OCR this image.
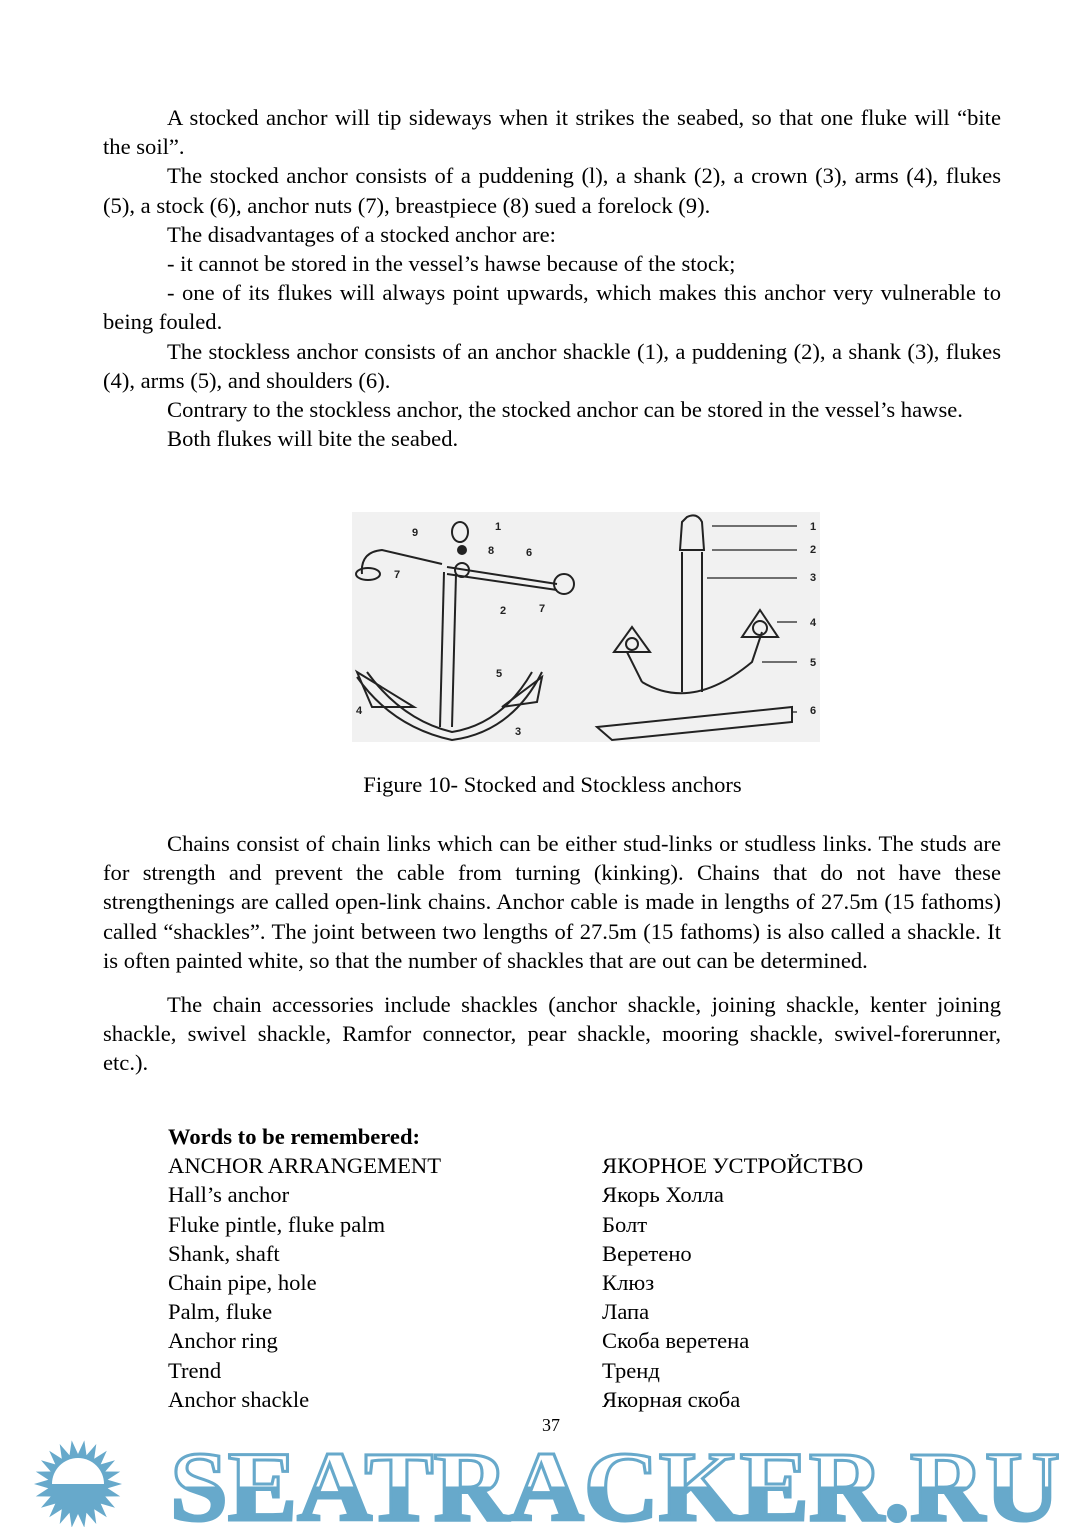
A stocked anchor will tip sideways when it strikes the seabed, so that one fluke will “bite the soil”.

The stocked anchor consists of a puddening (l), a shank (2), a crown (3), arms (4), flukes (5), a stock (6), anchor nuts (7), breastpiece (8) sued a forelock (9).

The disadvantages of a stocked anchor are:

- it cannot be stored in the vessel’s hawse because of the stock;

- one of its flukes will always point upwards, which makes this anchor very vulnerable to being fouled.

The stockless anchor consists of an anchor shackle (1), a puddening (2), a shank (3), flukes (4), arms (5), and shoulders (6).

Contrary to the stockless anchor, the stocked anchor can be stored in the vessel’s hawse.

Both flukes will bite the seabed.

1
2
3
4
5
6
7
7
8
9	1
2
3
4
5
6
Figure 10- Stocked and Stockless anchors

Chains consist of chain links which can be either stud-links or studless links. The studs are for strength and prevent the cable from turning (kinking). Chains that do not have these strengthenings are called open-link chains. Anchor cable is made in lengths of 27.5m (15 fathoms) called “shackles”. The joint between two lengths of 27.5m (15 fathoms) is also called a shackle. It is often painted white, so that the number of shackles that are out can be determined.

The chain accessories include shackles (anchor shackle, joining shackle, kenter joining shackle, swivel shackle, Ramfor connector, pear shackle, mooring shackle, swivel-forerunner, etc.).

Words to be remembered:
ANCHOR ARRANGEMENT	ЯКОРНОЕ УСТРОЙСТВО
Hall’s anchor	Якорь Холла
Fluke pintle, fluke palm	Болт
Shank, shaft	Веретено
Chain pipe, hole	Клюз
Palm, fluke	Лапа
Anchor ring	Скоба веретена
Trend	Тренд
Anchor shackle	Якорная скоба
37
SEATRACKER.RU
